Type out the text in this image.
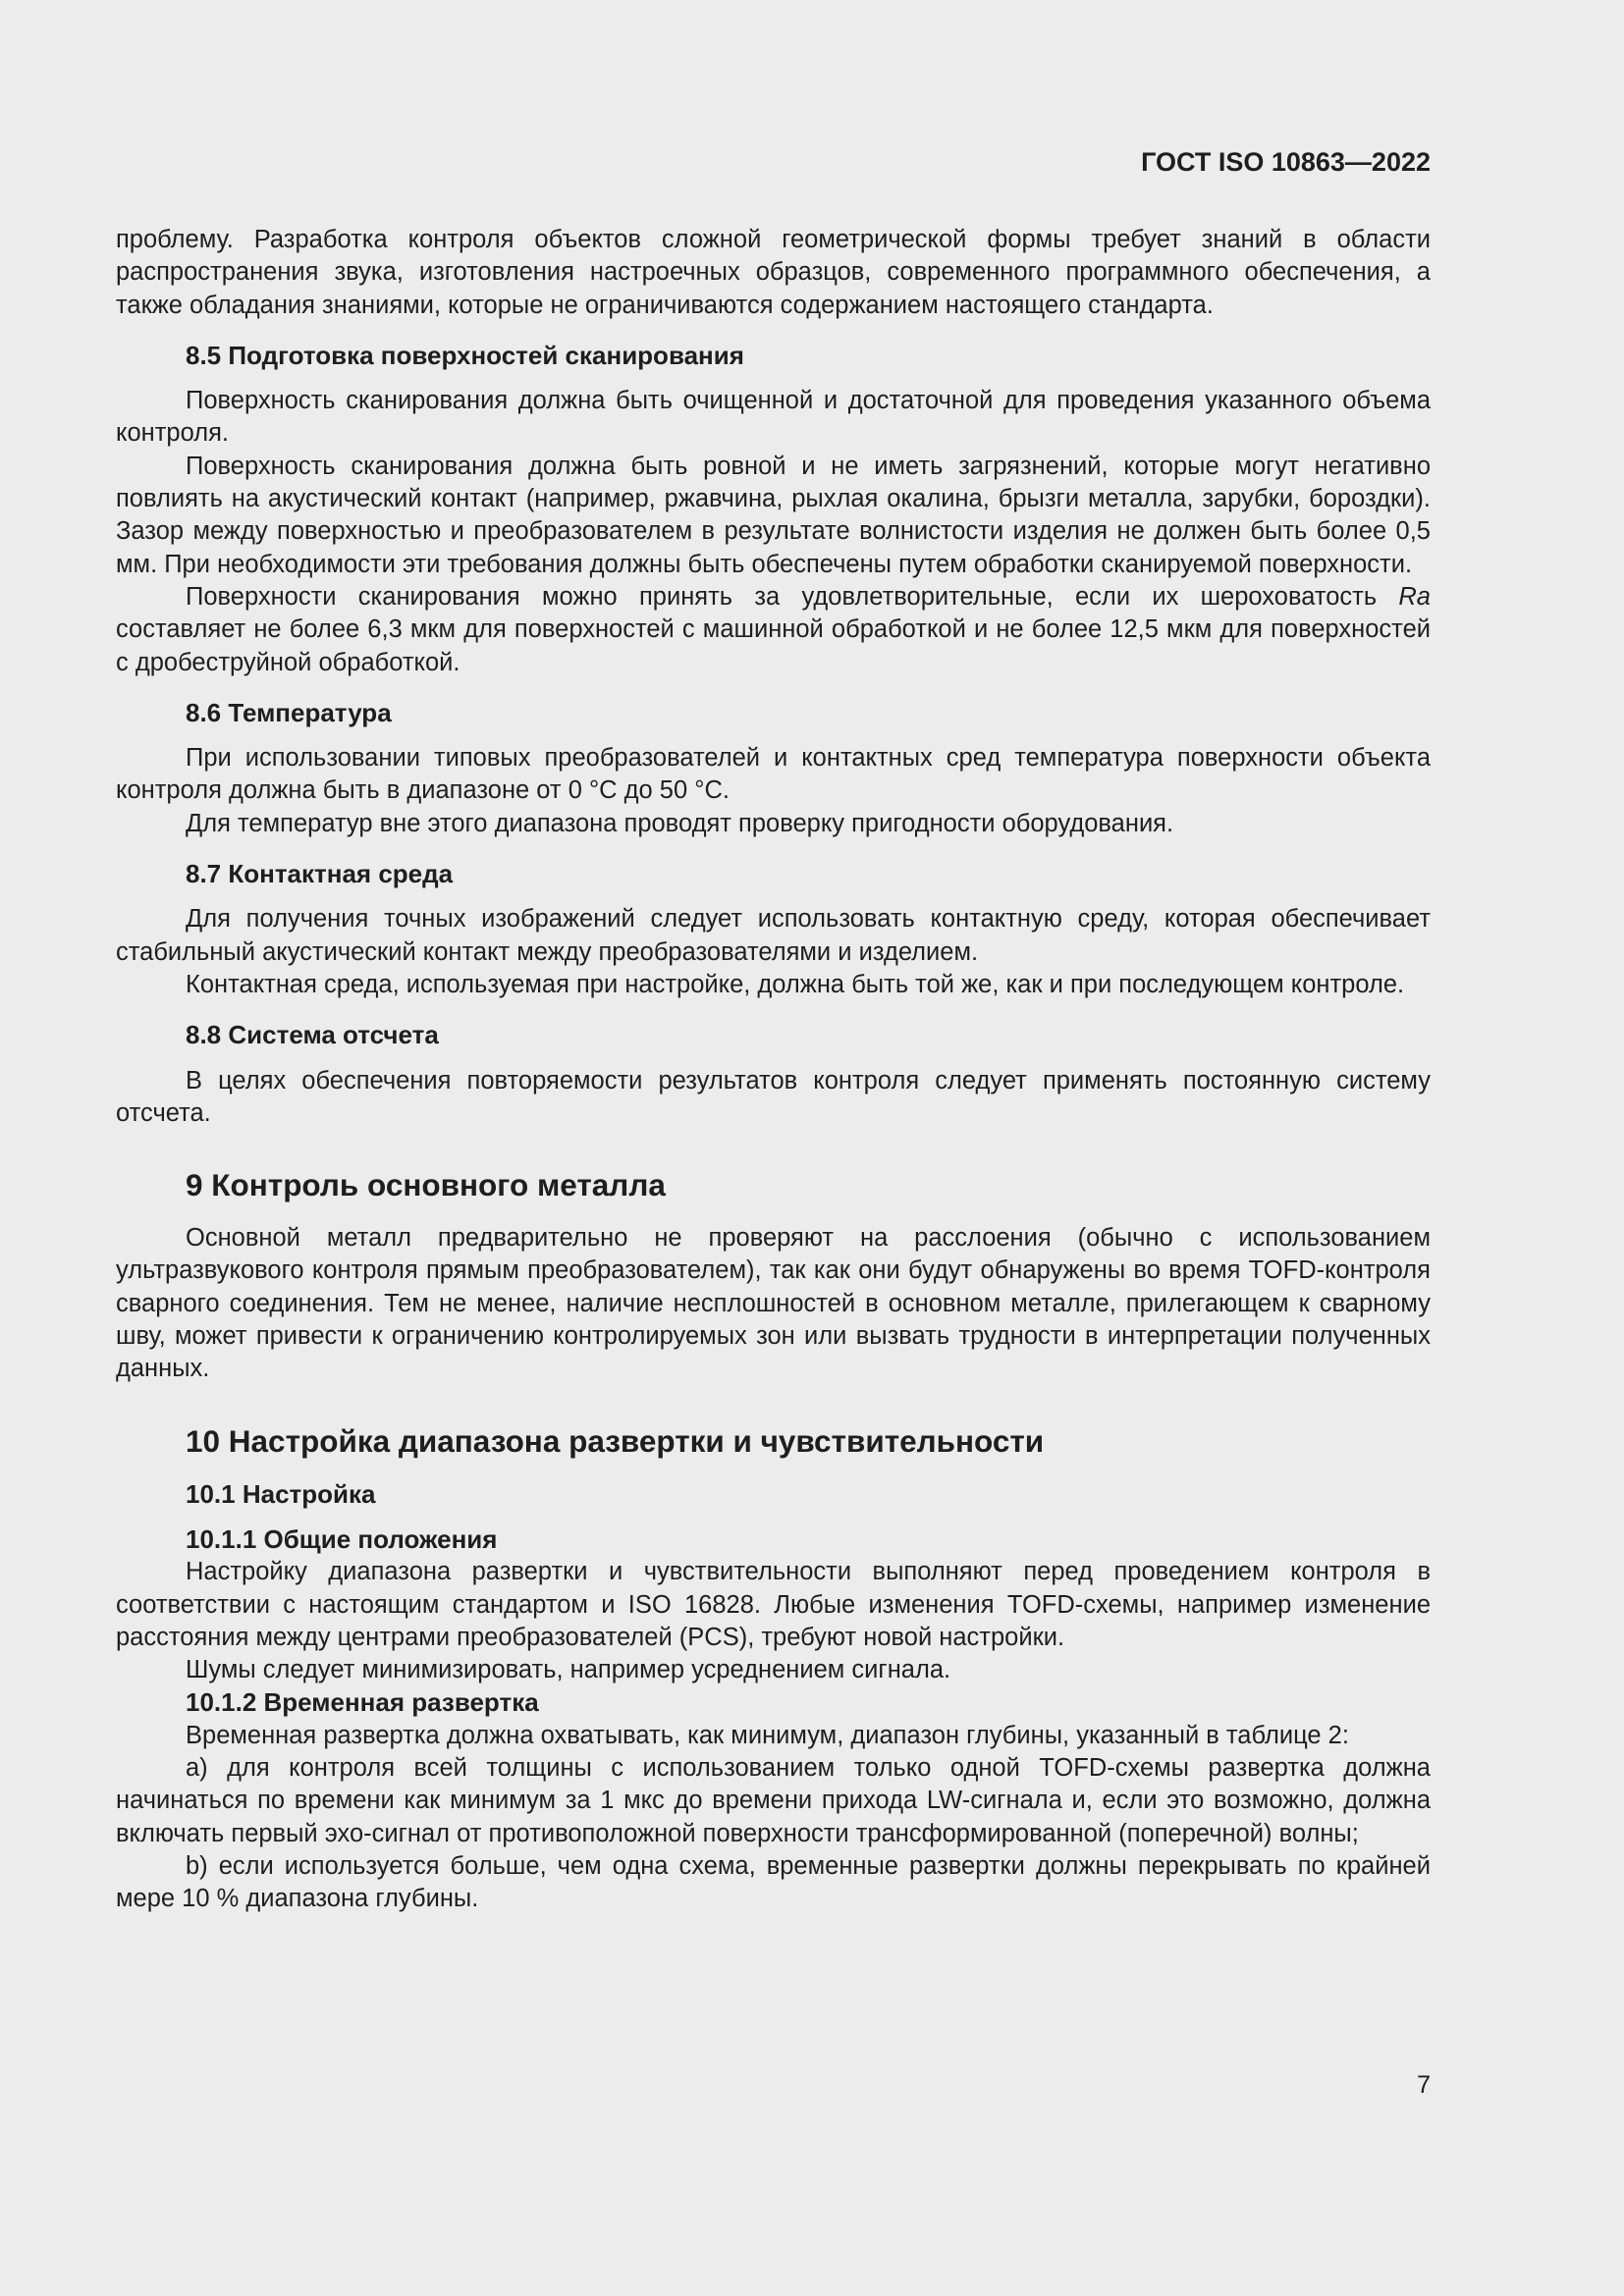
ГОСТ ISO 10863—2022

проблему. Разработка контроля объектов сложной геометрической формы требует знаний в области распространения звука, изготовления настроечных образцов, современного программного обеспечения, а также обладания знаниями, которые не ограничиваются содержанием настоящего стандарта.

8.5 Подготовка поверхностей сканирования

Поверхность сканирования должна быть очищенной и достаточной для проведения указанного объема контроля.

Поверхность сканирования должна быть ровной и не иметь загрязнений, которые могут негативно повлиять на акустический контакт (например, ржавчина, рыхлая окалина, брызги металла, зарубки, бороздки). Зазор между поверхностью и преобразователем в результате волнистости изделия не должен быть более 0,5 мм. При необходимости эти требования должны быть обеспечены путем обработки сканируемой поверхности.

Поверхности сканирования можно принять за удовлетворительные, если их шероховатость Ra составляет не более 6,3 мкм для поверхностей с машинной обработкой и не более 12,5 мкм для поверхностей с дробеструйной обработкой.

8.6 Температура

При использовании типовых преобразователей и контактных сред температура поверхности объекта контроля должна быть в диапазоне от 0 °С до 50 °С.

Для температур вне этого диапазона проводят проверку пригодности оборудования.

8.7 Контактная среда

Для получения точных изображений следует использовать контактную среду, которая обеспечивает стабильный акустический контакт между преобразователями и изделием.

Контактная среда, используемая при настройке, должна быть той же, как и при последующем контроле.

8.8 Система отсчета

В целях обеспечения повторяемости результатов контроля следует применять постоянную систему отсчета.

9 Контроль основного металла

Основной металл предварительно не проверяют на расслоения (обычно с использованием ультразвукового контроля прямым преобразователем), так как они будут обнаружены во время TOFD-контроля сварного соединения. Тем не менее, наличие несплошностей в основном металле, прилегающем к сварному шву, может привести к ограничению контролируемых зон или вызвать трудности в интерпретации полученных данных.

10 Настройка диапазона развертки и чувствительности
10.1 Настройка
10.1.1 Общие положения

Настройку диапазона развертки и чувствительности выполняют перед проведением контроля в соответствии с настоящим стандартом и ISO 16828. Любые изменения TOFD-схемы, например изменение расстояния между центрами преобразователей (PCS), требуют новой настройки.

Шумы следует минимизировать, например усреднением сигнала.

10.1.2 Временная развертка

Временная развертка должна охватывать, как минимум, диапазон глубины, указанный в таблице 2:

a) для контроля всей толщины с использованием только одной TOFD-схемы развертка должна начинаться по времени как минимум за 1 мкс до времени прихода LW-сигнала и, если это возможно, должна включать первый эхо-сигнал от противоположной поверхности трансформированной (поперечной) волны;

b) если используется больше, чем одна схема, временные развертки должны перекрывать по крайней мере 10 % диапазона глубины.

7
